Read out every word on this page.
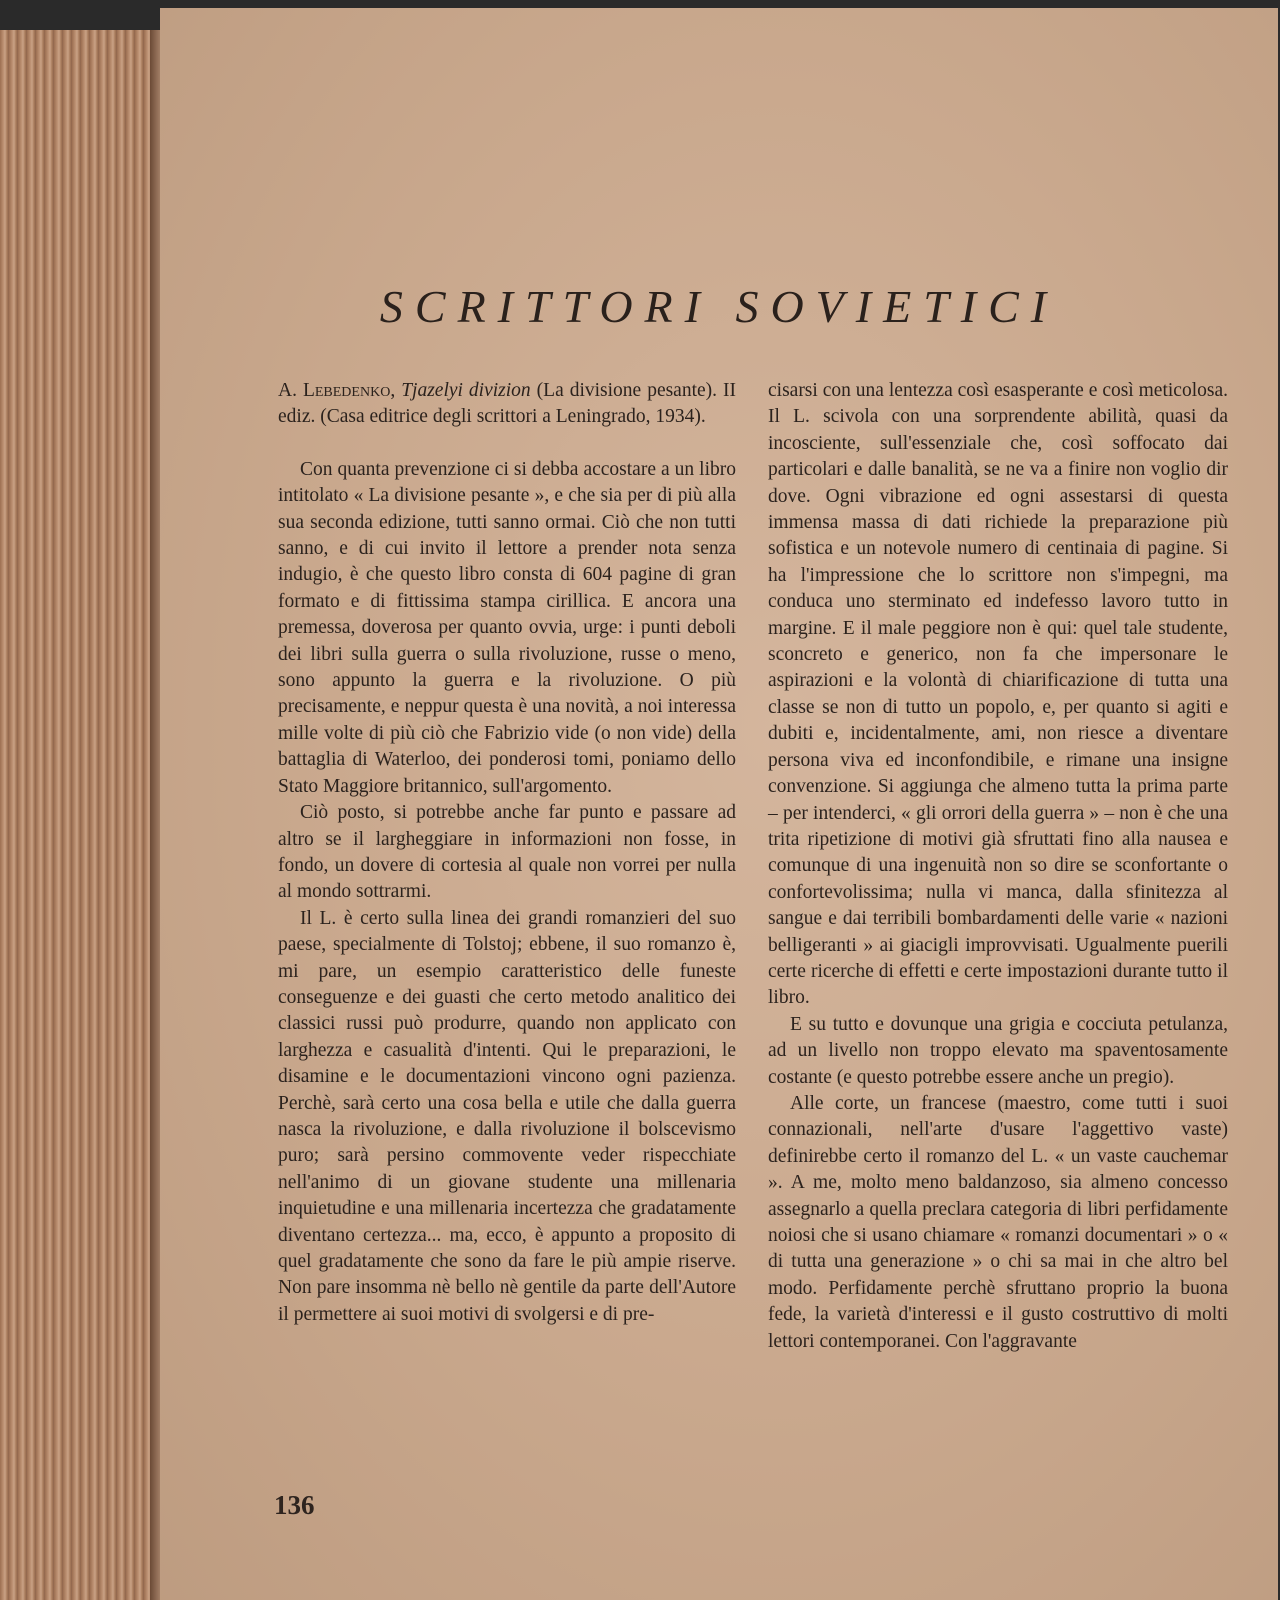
SCRITTORI SOVIETICI

A. Lebedenko, Tjazelyi divizion (La divisione pesante). II ediz. (Casa editrice degli scrittori a Leningrado, 1934).

Con quanta prevenzione ci si debba accostare a un libro intitolato « La divisione pesante », e che sia per di più alla sua seconda edizione, tutti sanno ormai. Ciò che non tutti sanno, e di cui invito il lettore a prender nota senza indugio, è che questo libro consta di 604 pagine di gran formato e di fittissima stampa cirillica. E ancora una premessa, doverosa per quanto ovvia, urge: i punti deboli dei libri sulla guerra o sulla rivoluzione, russe o meno, sono appunto la guerra e la rivoluzione. O più precisamente, e neppur questa è una novità, a noi interessa mille volte di più ciò che Fabrizio vide (o non vide) della battaglia di Waterloo, dei ponderosi tomi, poniamo dello Stato Maggiore britannico, sull'argomento.

Ciò posto, si potrebbe anche far punto e passare ad altro se il largheggiare in informazioni non fosse, in fondo, un dovere di cortesia al quale non vorrei per nulla al mondo sottrarmi.

Il L. è certo sulla linea dei grandi romanzieri del suo paese, specialmente di Tolstoj; ebbene, il suo romanzo è, mi pare, un esempio caratteristico delle funeste conseguenze e dei guasti che certo metodo analitico dei classici russi può produrre, quando non applicato con larghezza e casualità d'intenti. Qui le preparazioni, le disamine e le documentazioni vincono ogni pazienza. Perchè, sarà certo una cosa bella e utile che dalla guerra nasca la rivoluzione, e dalla rivoluzione il bolscevismo puro; sarà persino commovente veder rispecchiate nell'animo di un giovane studente una millenaria inquietudine e una millenaria incertezza che gradatamente diventano certezza... ma, ecco, è appunto a proposito di quel gradatamente che sono da fare le più ampie riserve. Non pare insomma nè bello nè gentile da parte dell'Autore il permettere ai suoi motivi di svolgersi e di pre-

cisarsi con una lentezza così esasperante e così meticolosa. Il L. scivola con una sorprendente abilità, quasi da incosciente, sull'essenziale che, così soffocato dai particolari e dalle banalità, se ne va a finire non voglio dir dove. Ogni vibrazione ed ogni assestarsi di questa immensa massa di dati richiede la preparazione più sofistica e un notevole numero di centinaia di pagine. Si ha l'impressione che lo scrittore non s'impegni, ma conduca uno sterminato ed indefesso lavoro tutto in margine. E il male peggiore non è qui: quel tale studente, sconcreto e generico, non fa che impersonare le aspirazioni e la volontà di chiarificazione di tutta una classe se non di tutto un popolo, e, per quanto si agiti e dubiti e, incidentalmente, ami, non riesce a diventare persona viva ed inconfondibile, e rimane una insigne convenzione. Si aggiunga che almeno tutta la prima parte – per intenderci, « gli orrori della guerra » – non è che una trita ripetizione di motivi già sfruttati fino alla nausea e comunque di una ingenuità non so dire se sconfortante o confortevolissima; nulla vi manca, dalla sfinitezza al sangue e dai terribili bombardamenti delle varie « nazioni belligeranti » ai giacigli improvvisati. Ugualmente puerili certe ricerche di effetti e certe impostazioni durante tutto il libro.

E su tutto e dovunque una grigia e cocciuta petulanza, ad un livello non troppo elevato ma spaventosamente costante (e questo potrebbe essere anche un pregio).

Alle corte, un francese (maestro, come tutti i suoi connazionali, nell'arte d'usare l'aggettivo vaste) definirebbe certo il romanzo del L. « un vaste cauchemar ». A me, molto meno baldanzoso, sia almeno concesso assegnarlo a quella preclara categoria di libri perfidamente noiosi che si usano chiamare « romanzi documentari » o « di tutta una generazione » o chi sa mai in che altro bel modo. Perfidamente perchè sfruttano proprio la buona fede, la varietà d'interessi e il gusto costruttivo di molti lettori contemporanei. Con l'aggravante

136
